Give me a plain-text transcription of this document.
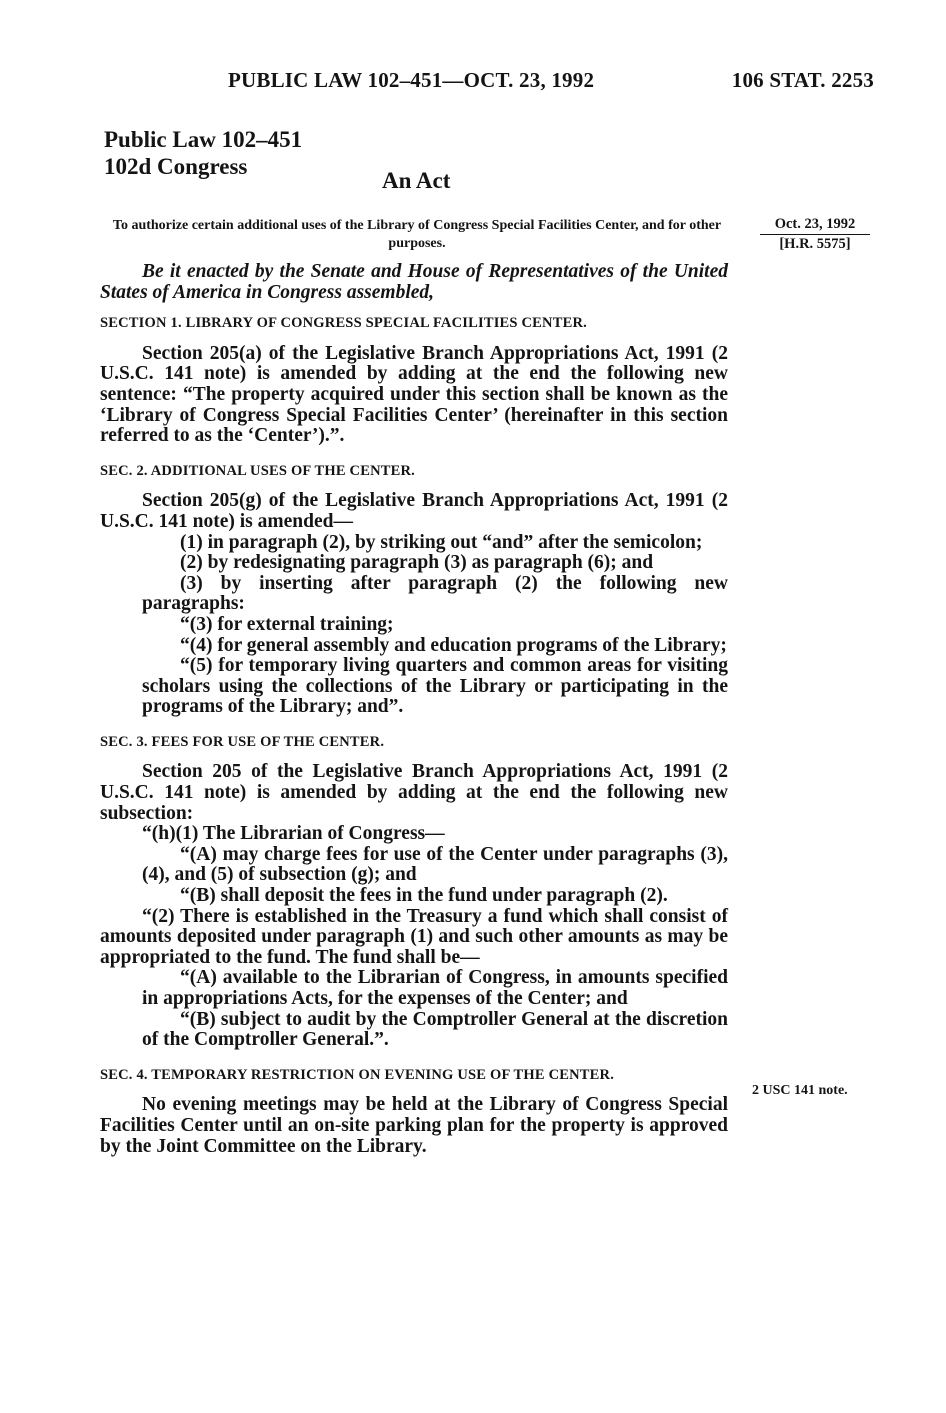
PUBLIC LAW 102–451—OCT. 23, 1992	106 STAT. 2253
Public Law 102–451
102d Congress
An Act
To authorize certain additional uses of the Library of Congress Special Facilities Center, and for other purposes.
Oct. 23, 1992
[H.R. 5575]
2 USC 141 note.

Be it enacted by the Senate and House of Representatives of the United States of America in Congress assembled,

SECTION 1. LIBRARY OF CONGRESS SPECIAL FACILITIES CENTER.

Section 205(a) of the Legislative Branch Appropriations Act, 1991 (2 U.S.C. 141 note) is amended by adding at the end the following new sentence: “The property acquired under this section shall be known as the ‘Library of Congress Special Facilities Center’ (hereinafter in this section referred to as the ‘Center’).”.

SEC. 2. ADDITIONAL USES OF THE CENTER.

Section 205(g) of the Legislative Branch Appropriations Act, 1991 (2 U.S.C. 141 note) is amended—

(1) in paragraph (2), by striking out “and” after the semicolon;

(2) by redesignating paragraph (3) as paragraph (6); and

(3) by inserting after paragraph (2) the following new paragraphs:

“(3) for external training;

“(4) for general assembly and education programs of the Library;

“(5) for temporary living quarters and common areas for visiting scholars using the collections of the Library or participating in the programs of the Library; and”.

SEC. 3. FEES FOR USE OF THE CENTER.

Section 205 of the Legislative Branch Appropriations Act, 1991 (2 U.S.C. 141 note) is amended by adding at the end the following new subsection:

“(h)(1) The Librarian of Congress—

“(A) may charge fees for use of the Center under paragraphs (3), (4), and (5) of subsection (g); and

“(B) shall deposit the fees in the fund under paragraph (2).

“(2) There is established in the Treasury a fund which shall consist of amounts deposited under paragraph (1) and such other amounts as may be appropriated to the fund. The fund shall be—

“(A) available to the Librarian of Congress, in amounts specified in appropriations Acts, for the expenses of the Center; and

“(B) subject to audit by the Comptroller General at the discretion of the Comptroller General.”.

SEC. 4. TEMPORARY RESTRICTION ON EVENING USE OF THE CENTER.

No evening meetings may be held at the Library of Congress Special Facilities Center until an on-site parking plan for the property is approved by the Joint Committee on the Library.
